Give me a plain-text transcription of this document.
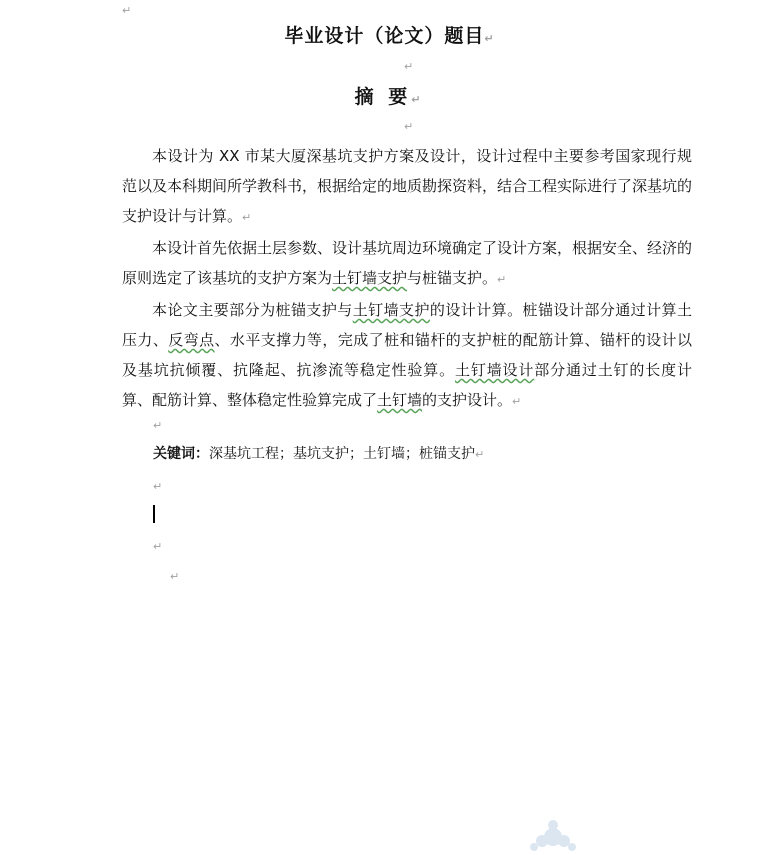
↵
毕业设计（论文）题目↵
↵
摘 要↵
↵

本设计为 XX 市某大厦深基坑支护方案及设计，设计过程中主要参考国家现行规范以及本科期间所学教科书，根据给定的地质勘探资料，结合工程实际进行了深基坑的支护设计与计算。↵

本设计首先依据土层参数、设计基坑周边环境确定了设计方案，根据安全、经济的原则选定了该基坑的支护方案为土钉墙支护与桩锚支护。↵

本论文主要部分为桩锚支护与土钉墙支护的设计计算。桩锚设计部分通过计算土压力、反弯点、水平支撑力等，完成了桩和锚杆的支护桩的配筋计算、锚杆的设计以及基坑抗倾覆、抗隆起、抗渗流等稳定性验算。土钉墙设计部分通过土钉的长度计算、配筋计算、整体稳定性验算完成了土钉墙的支护设计。↵

↵
关键词：深基坑工程；基坑支护；土钉墙；桩锚支护↵
↵
↵
↵
